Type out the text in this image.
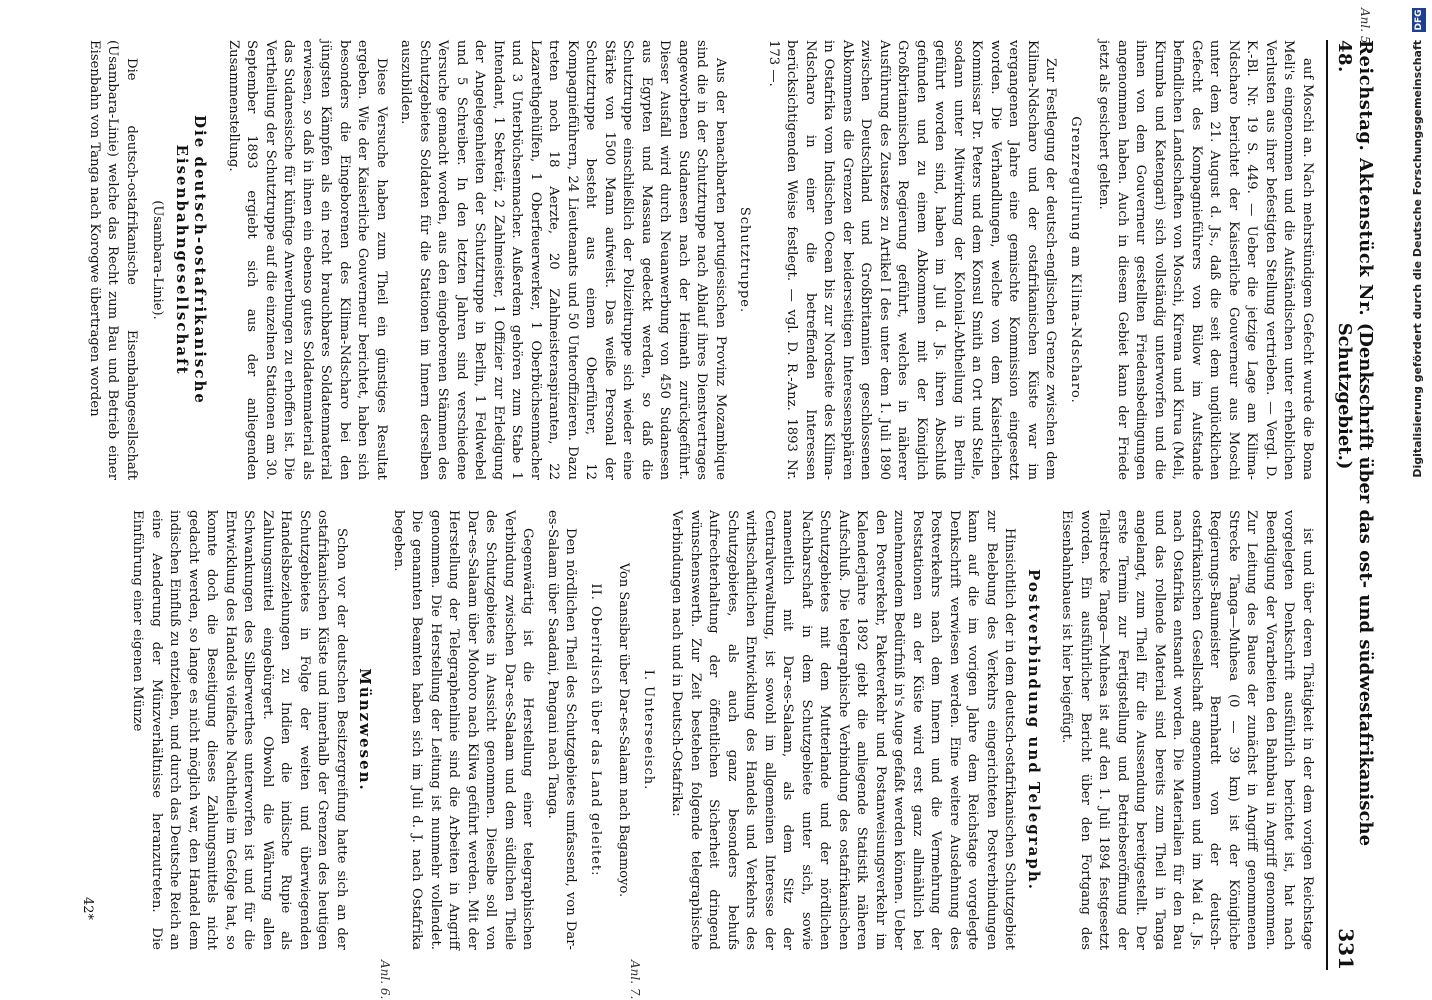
DFG
Digitalisierung gefördert durch die Deutsche Forschungsgemeinschaft
Reichstag. Aktenstück Nr. 48.
(Denkschrift über das ost- und südwestafrikanische Schutzgebiet.)
331

auf Moschi an. Nach mehrstündigem Gefecht wurde die Boma Meli's eingenommen und die Aufständischen unter erheblichen Verlusten aus ihrer befestigten Stellung vertrieben. — Vergl. D. K.-Bl. Nr. 19 S. 449. — Ueber die jetzige Lage am Kilima-Ndscharo berichtet der Kaiserliche Gouverneur aus Moschi unter dem 21. August d. Js., daß die seit dem unglücklichen Gefecht des Kompagnieführers von Bülow im Aufstande befindlichen Landschaften von Moschi, Kirema und Kirua (Meli, Kirumba und Katengari) sich vollständig unterworfen und die ihnen von dem Gouverneur gestellten Friedensbedingungen angenommen haben. Auch in diesem Gebiet kann der Friede jetzt als gesichert gelten.

Grenzregulirung am Kilima-Ndscharo.

Zur Festlegung der deutsch-englischen Grenze zwischen dem Kilima-Ndscharo und der ostafrikanischen Küste war im vergangenen Jahre eine gemischte Kommission eingesetzt worden. Die Verhandlungen, welche von dem Kaiserlichen Kommissar Dr. Peters und dem Konsul Smith an Ort und Stelle, sodann unter Mitwirkung der Kolonial-Abtheilung in Berlin geführt worden sind, haben im Juli d. Js. ihren Abschluß gefunden und zu einem Abkommen mit der Königlich Großbritannischen Regierung geführt, welches in näherer Ausführung des Zusatzes zu Artikel I des unter dem 1. Juli 1890 zwischen Deutschland und Großbritannien geschlossenen Abkommens die Grenzen der beiderseitigen Interessensphären in Ostafrika vom Indischen Ocean bis zur Nordseite des Kilima-Ndscharo in einer die betreffenden Interessen berücksichtigenden Weise festlegt. — vgl. D. R.-Anz. 1893 Nr. 173 —.

Schutztruppe.

Aus der benachbarten portugiesischen Provinz Mozambique sind die in der Schutztruppe nach Ablauf ihres Dienstvertrages angeworbenen Sudanesen nach der Heimath zurückgeführt. Dieser Ausfall wird durch Neuanwerbung von 450 Sudanesen aus Egypten und Massaua gedeckt werden, so daß die Schutztruppe einschließlich der Polizeitruppe sich wieder eine Stärke von 1500 Mann aufweist. Das weiße Personal der Schutztruppe besteht aus einem Oberführer, 12 Kompagnieführern, 24 Lieutenants und 50 Unteroffizieren. Dazu treten noch 18 Aerzte, 20 Zahlmeisteraspiranten, 22 Lazarethgehülfen, 1 Oberfeuerwerker, 1 Oberbüchsenmacher und 3 Unterbüchsenmacher. Außerdem gehören zum Stabe 1 Intendant, 1 Sekretär, 2 Zahlmeister, 1 Offizier zur Erledigung der Angelegenheiten der Schutztruppe in Berlin, 1 Feldwebel und 5 Schreiber. In den letzten Jahren sind verschiedene Versuche gemacht worden, aus den eingeborenen Stämmen des Schutzgebietes Soldaten für die Stationen im Innern derselben auszubilden.

Diese Versuche haben zum Theil ein günstiges Resultat ergeben. Wie der Kaiserliche Gouverneur berichtet, haben sich besonders die Eingeborenen des Kilima-Ndscharo bei den jüngsten Kämpfen als ein recht brauchbares Soldatenmaterial erwiesen, so daß in ihnen ein ebenso gutes Soldatenmaterial als das Sudanesische für künftige Anwerbungen zu erhoffen ist. Die Vertheilung der Schutztruppe auf die einzelnen Stationen am 30. September 1893 ergiebt sich aus der anliegenden Zusammenstellung.

Die deutsch-ostafrikanische Eisenbahngesellschaft

(Usambara-Linie).

Die deutsch-ostafrikanische Eisenbahngesellschaft (Usambara-Linie) welche das Recht zum Bau und Betrieb einer Eisenbahn von Tanga nach Korogwe übertragen worden

ist und über deren Thätigkeit in der dem vorigen Reichstage vorgelegten Denkschrift ausführlich berichtet ist, hat nach Beendigung der Vorarbeiten den Bahnbau in Angriff genommen. Zur Leitung des Baues der zunächst in Angriff genommenen Strecke Tanga—Muhesa (0 — 39 km) ist der Königliche Regierungs-Baumeister Bernhardt von der deutsch-ostafrikanischen Gesellschaft angenommen und im Mai d. Js. nach Ostafrika entsandt worden. Die Materialien für den Bau und das rollende Material sind bereits zum Theil in Tanga angelangt, zum Theil für die Aussendung bereitgestellt. Der erste Termin zur Fertigstellung und Betriebseröffnung der Teilstrecke Tanga—Muhesa ist auf den 1. Juli 1894 festgesetzt worden. Ein ausführlicher Bericht über den Fortgang des Eisenbahnbaues ist hier beigefügt.

Postverbindung und Telegraph.

Hinsichtlich der in dem deutsch-ostafrikanischen Schutzgebiet zur Belebung des Verkehrs eingerichteten Postverbindungen kann auf die im vorigen Jahre dem Reichstage vorgelegte Denkschrift verwiesen werden. Eine weitere Ausdehnung des Postverkehrs nach dem Innern und die Vermehrung der Poststationen an der Küste wird erst ganz allmählich bei zunehmendem Bedürfniß in's Auge gefaßt werden können. Ueber den Postverkehr, Paketverkehr und Postanweisungsverkehr im Kalenderjahre 1892 giebt die anliegende Statistik näheren Aufschluß. Die telegraphische Verbindung des ostafrikanischen Schutzgebietes mit dem Mutterlande und der nördlichen Nachbarschaft in dem Schutzgebiete unter sich, sowie namentlich mit Dar-es-Salaam, als dem Sitz der Centralverwaltung, ist sowohl im allgemeinen Interesse der wirthschaftlichen Entwicklung des Handels und Verkehrs des Schutzgebietes, als auch ganz besonders behufs Aufrechterhaltung der öffentlichen Sicherheit dringend wünschenswerth. Zur Zeit bestehen folgende telegraphische Verbindungen nach und in Deutsch-Ostafrika:

I. Unterseeisch.

Von Sansibar über Dar-es-Salaam nach Bagamoyo.

II. Oberirdisch über das Land geleitet:

Den nördlichen Theil des Schutzgebietes umfassend, von Dar-es-Salaam über Saadani, Pangani nach Tanga.

Gegenwärtig ist die Herstellung einer telegraphischen Verbindung zwischen Dar-es-Salaam und dem südlichen Theile des Schutzgebietes in Aussicht genommen. Dieselbe soll von Dar-es-Salaam über Mohoro nach Kilwa geführt werden. Mit der Herstellung der Telegraphenlinie sind die Arbeiten in Angriff genommen. Die Herstellung der Leitung ist nunmehr vollendet. Die genannten Beamten haben sich im Juli d. J. nach Ostafrika begeben.

Münzwesen.

Schon vor der deutschen Besitzergreifung hatte sich an der ostafrikanischen Küste und innerhalb der Grenzen des heutigen Schutzgebietes in Folge der weiten und überwiegenden Handelsbeziehungen zu Indien die indische Rupie als Zahlungsmittel eingebürgert. Obwohl die Währung allen Schwankungen des Silberwerthes unterworfen ist und für die Entwicklung des Handels vielfache Nachtheile im Gefolge hat, so konnte doch die Beseitigung dieses Zahlungsmittels nicht gedacht werden, so lange es nicht möglich war, den Handel dem indischen Einfluß zu entziehen, und durch das Deutsche Reich an eine Aenderung der Münzverhältnisse heranzutreten. Die Einführung einer eigenen Münze

Anl. 5.
Anl. 6.	Anl. 7.
42*
